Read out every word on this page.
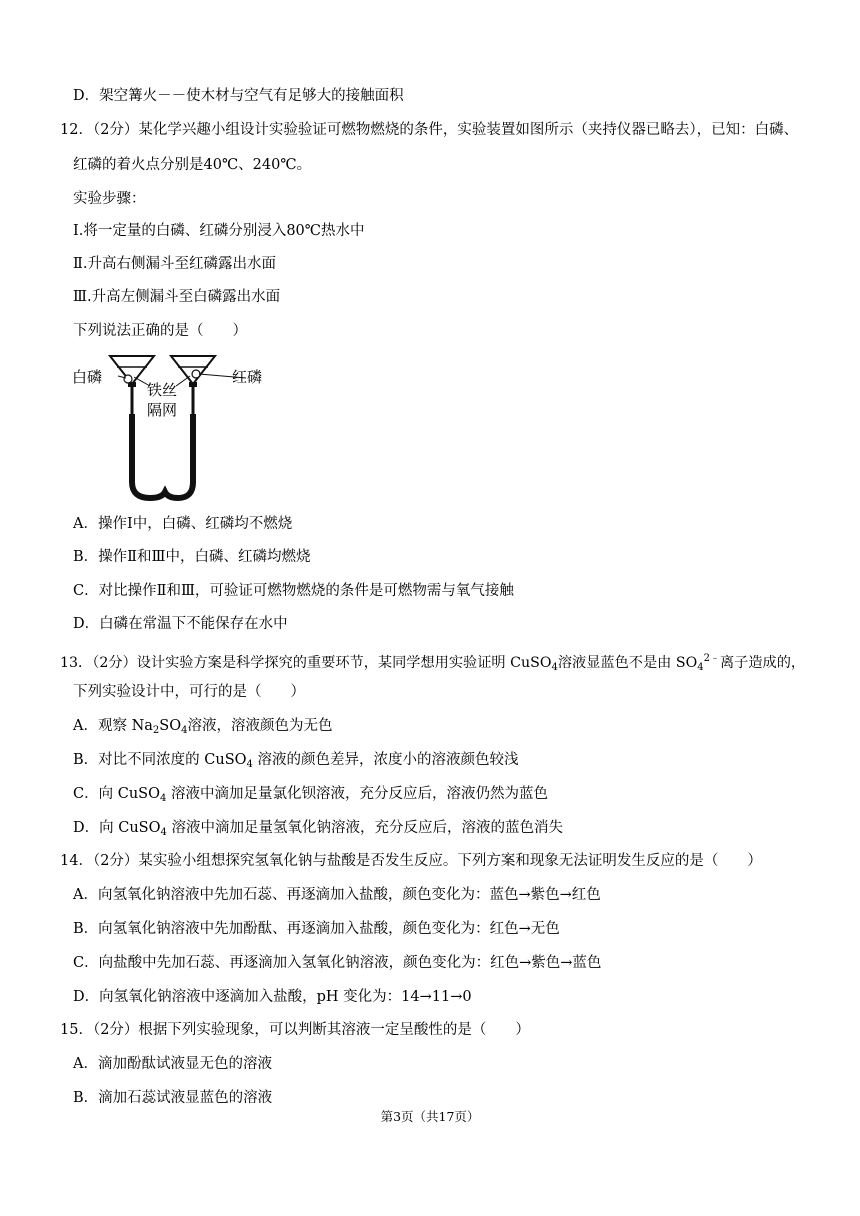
D．架空篝火－－使木材与空气有足够大的接触面积
12．（2分）某化学兴趣小组设计实验验证可燃物燃烧的条件，实验装置如图所示（夹持仪器已略去），已知：白磷、
红磷的着火点分别是40℃、240℃。
实验步骤：
Ⅰ.将一定量的白磷、红磷分别浸入80℃热水中
Ⅱ.升高右侧漏斗至红磷露出水面
Ⅲ.升高左侧漏斗至白磷露出水面
下列说法正确的是（　　）
白磷
铁丝
隔网
红磷
A．操作Ⅰ中，白磷、红磷均不燃烧
B．操作Ⅱ和Ⅲ中，白磷、红磷均燃烧
C．对比操作Ⅱ和Ⅲ，可验证可燃物燃烧的条件是可燃物需与氧气接触
D．白磷在常温下不能保存在水中
13．（2分）设计实验方案是科学探究的重要环节，某同学想用实验证明 CuSO$_4$溶液显蓝色不是由 $SO_4^{2﹣}$离子造成的，
下列实验设计中，可行的是（　　）
A．观察 $Na_2SO_4$溶液，溶液颜色为无色
B．对比不同浓度的 CuSO$_4$ 溶液的颜色差异，浓度小的溶液颜色较浅
C．向 CuSO$_4$ 溶液中滴加足量氯化钡溶液，充分反应后，溶液仍然为蓝色
D．向 CuSO$_4$ 溶液中滴加足量氢氧化钠溶液，充分反应后，溶液的蓝色消失
14．（2分）某实验小组想探究氢氧化钠与盐酸是否发生反应。下列方案和现象无法证明发生反应的是（　　）
A．向氢氧化钠溶液中先加石蕊、再逐滴加入盐酸，颜色变化为：蓝色→紫色→红色
B．向氢氧化钠溶液中先加酚酞、再逐滴加入盐酸，颜色变化为：红色→无色
C．向盐酸中先加石蕊、再逐滴加入氢氧化钠溶液，颜色变化为：红色→紫色→蓝色
D．向氢氧化钠溶液中逐滴加入盐酸，pH 变化为：14→11→0
15．（2分）根据下列实验现象，可以判断其溶液一定呈酸性的是（　　）
A．滴加酚酞试液显无色的溶液
B．滴加石蕊试液显蓝色的溶液
第3页（共17页）
